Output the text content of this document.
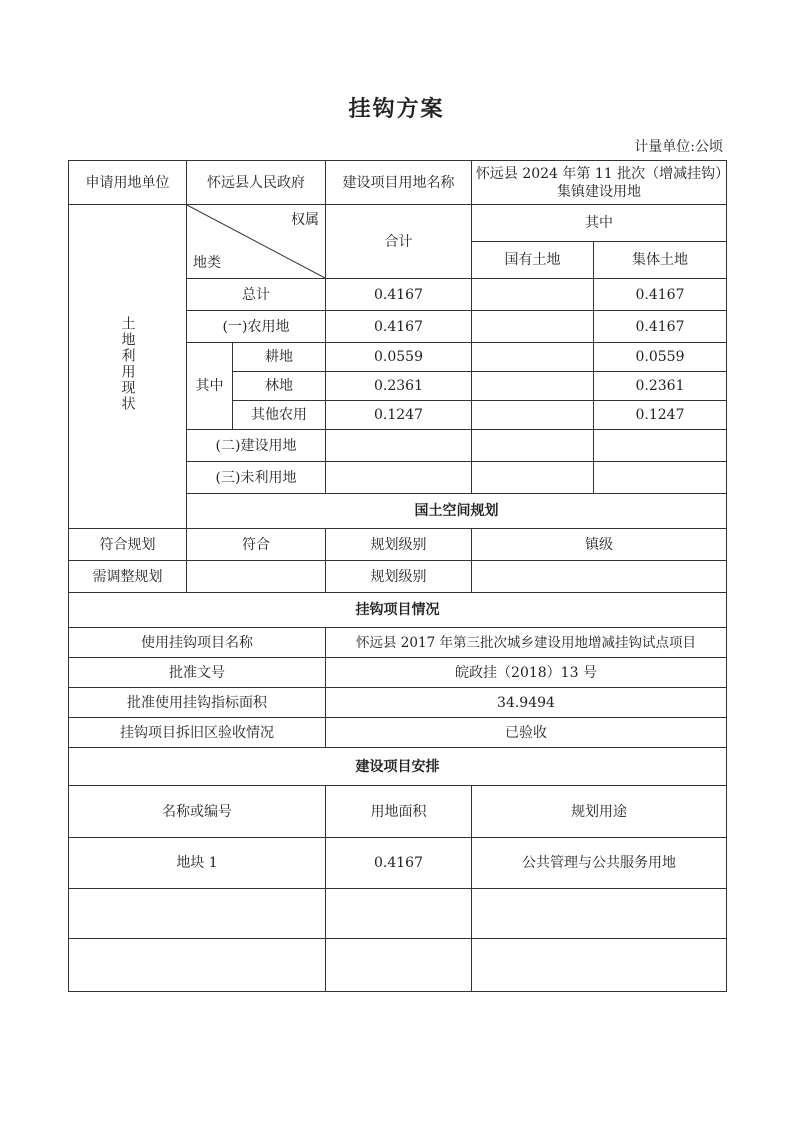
挂钩方案
计量单位:公顷
申请用地单位	怀远县人民政府		建设项目用地名称	怀远县 2024 年第 11 批次（增减挂钩）集镇建设用地	
土地利用现状	权属
地类		合计	其中	
				国有土地	集体土地
	总计		0.4167		0.4167
	(一)农用地		0.4167		0.4167
	其中	耕地	0.0559		0.0559
		林地	0.2361		0.2361
		其他农用	0.1247		0.1247
	(二)建设用地				
	(三)未利用地				
	国土空间规划				
符合规划	符合		规划级别	镇级	
需调整规划			规划级别		
挂钩项目情况					
使用挂钩项目名称			怀远县 2017 年第三批次城乡建设用地增减挂钩试点项目		
批准文号			皖政挂（2018）13 号		
批准使用挂钩指标面积			34.9494		
挂钩项目拆旧区验收情况			已验收		
建设项目安排					
名称或编号			用地面积	规划用途	
地块 1			0.4167	公共管理与公共服务用地	
